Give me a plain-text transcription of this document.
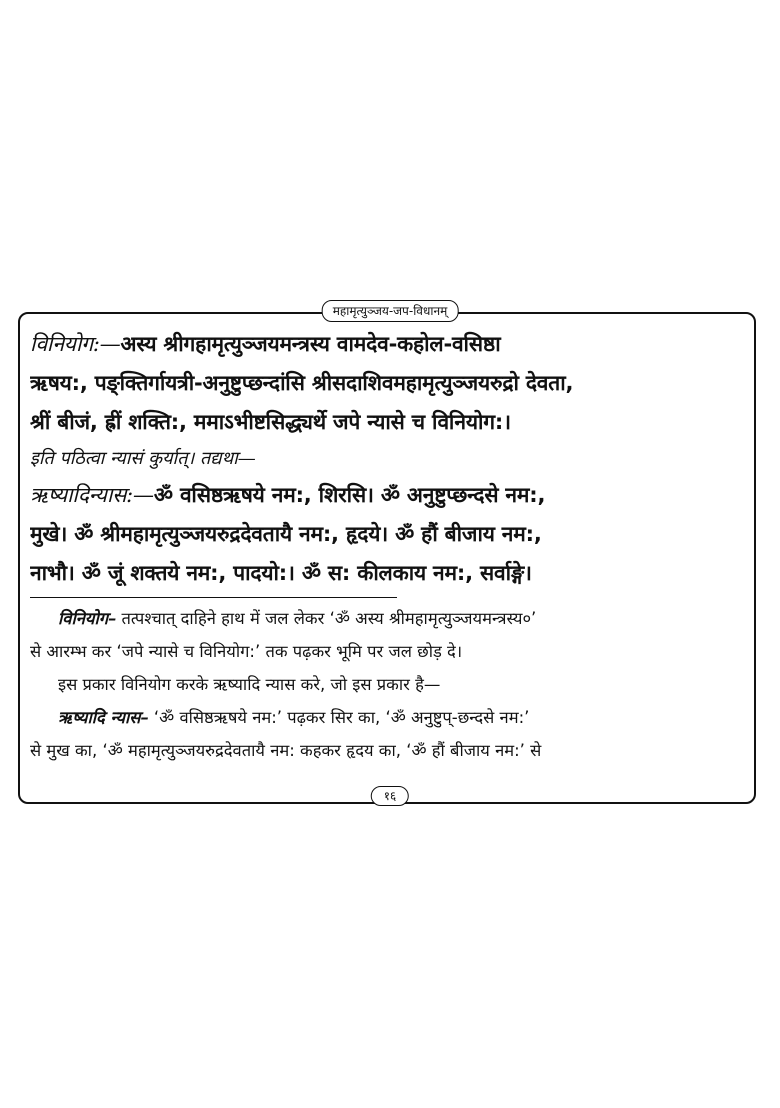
महामृत्युञ्जय-जप-विधानम्
विनियोग:—अस्य श्रीगहामृत्युञ्जयमन्त्रस्य वामदेव-कहोल-वसिष्ठा
ऋषय:, पङ्क्तिर्गायत्री-अनुष्टुप्छन्दांसि श्रीसदाशिवमहामृत्युञ्जयरुद्रो देवता,
श्रीं बीजं, ह्रीं शक्ति:, ममाऽभीष्टसिद्ध्यर्थे जपे न्यासे च विनियोग:।
इति पठित्वा न्यासं कुर्यात्। तद्यथा—
ऋष्यादिन्यास:—ॐ वसिष्ठऋषये नम:, शिरसि। ॐ अनुष्टुप्छन्दसे नम:,
मुखे। ॐ श्रीमहामृत्युञ्जयरुद्रदेवतायै नम:, हृदये। ॐ हौं बीजाय नम:,
नाभौ। ॐ जूं शक्तये नम:, पादयो:। ॐ स: कीलकाय नम:, सर्वाङ्गे।
विनियोग– तत्पश्चात् दाहिने हाथ में जल लेकर ‘ॐ अस्य श्रीमहामृत्युञ्जयमन्त्रस्य०’
से आरम्भ कर ‘जपे न्यासे च विनियोग:’ तक पढ़कर भूमि पर जल छोड़ दे।
इस प्रकार विनियोग करके ऋष्यादि न्यास करे, जो इस प्रकार है—
ऋष्यादि न्यास– ‘ॐ वसिष्ठऋषये नम:’ पढ़कर सिर का, ‘ॐ अनुष्टुप्-छन्दसे नम:’
से मुख का, ‘ॐ महामृत्युञ्जयरुद्रदेवतायै नम: कहकर हृदय का, ‘ॐ हौं बीजाय नम:’ से
१६
